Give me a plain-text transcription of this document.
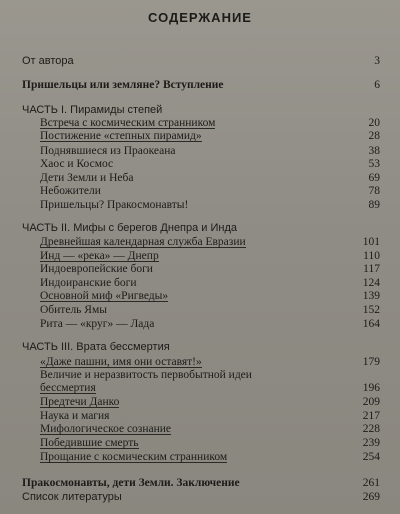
СОДЕРЖАНИЕ
От автора	3
Пришельцы или земляне? Вступление	6
ЧАСТЬ I. Пирамиды степей
Встреча с космическим странником	20
Постижение «степных пирамид»	28
Поднявшиеся из Праокеана	38
Хаос и Космос	53
Дети Земли и Неба	69
Небожители	78
Пришельцы? Пракосмонавты!	89
ЧАСТЬ II. Мифы с берегов Днепра и Инда
Древнейшая календарная служба Евразии	101
Инд — «река» — Днепр	110
Индоевропейские боги	117
Индоиранские боги	124
Основной миф «Ригведы»	139
Обитель Ямы	152
Рита — «круг» — Лада	164
ЧАСТЬ III. Врата бессмертия
«Даже пашни, имя они оставят!»	179
Величие и неразвитость первобытной идеи
бессмертия	196
Предтечи Данко	209
Наука и магия	217
Мифологическое сознание	228
Победившие смерть	239
Прощание с космическим странником	254
Пракосмонавты, дети Земли. Заключение	261
Список литературы	269
